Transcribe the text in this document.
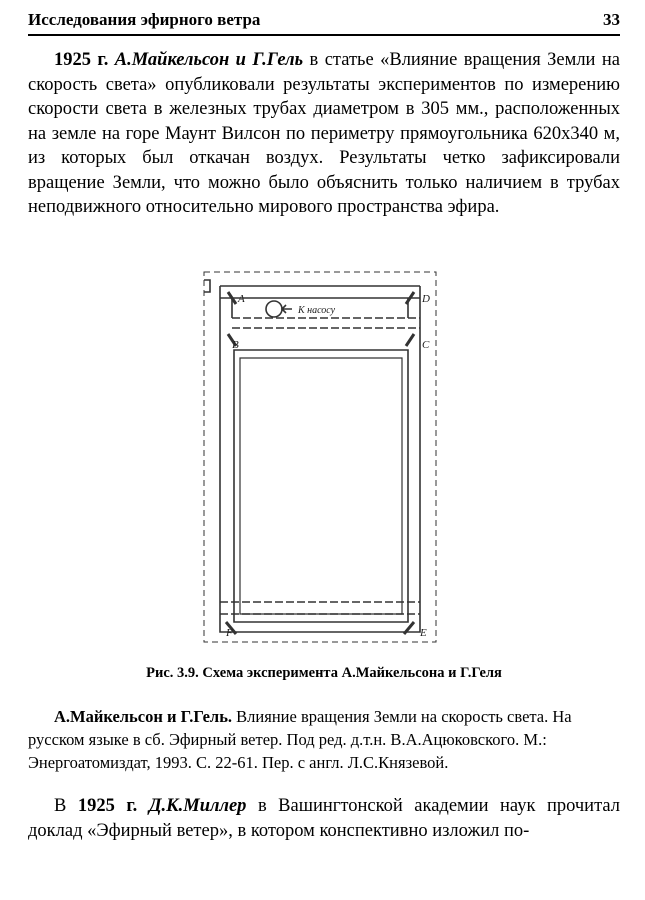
Исследования эфирного ветра	33
1925 г. А.Майкельсон и Г.Гель в статье «Влияние вращения Земли на скорость света» опубликовали результаты экспериментов по измерению скорости света в железных трубах диаметром в 305 мм., расположенных на земле на горе Маунт Вилсон по периметру прямоугольника 620х340 м, из которых был откачан воздух. Результаты четко зафиксировали вращение Земли, что можно было объяснить только наличием в трубах неподвижного относительно мирового пространства эфира.
A	D
B	C
F	E
К насосу
Рис. 3.9. Схема эксперимента А.Майкельсона и Г.Геля
А.Майкельсон и Г.Гель. Влияние вращения Земли на скорость света. На русском языке в сб. Эфирный ветер. Под ред. д.т.н. В.А.Ацюковского. М.: Энергоатомиздат, 1993. С. 22-61. Пер. с англ. Л.С.Князевой.
В 1925 г. Д.К.Миллер в Вашингтонской академии наук прочитал доклад «Эфирный ветер», в котором конспективно изложил по-
